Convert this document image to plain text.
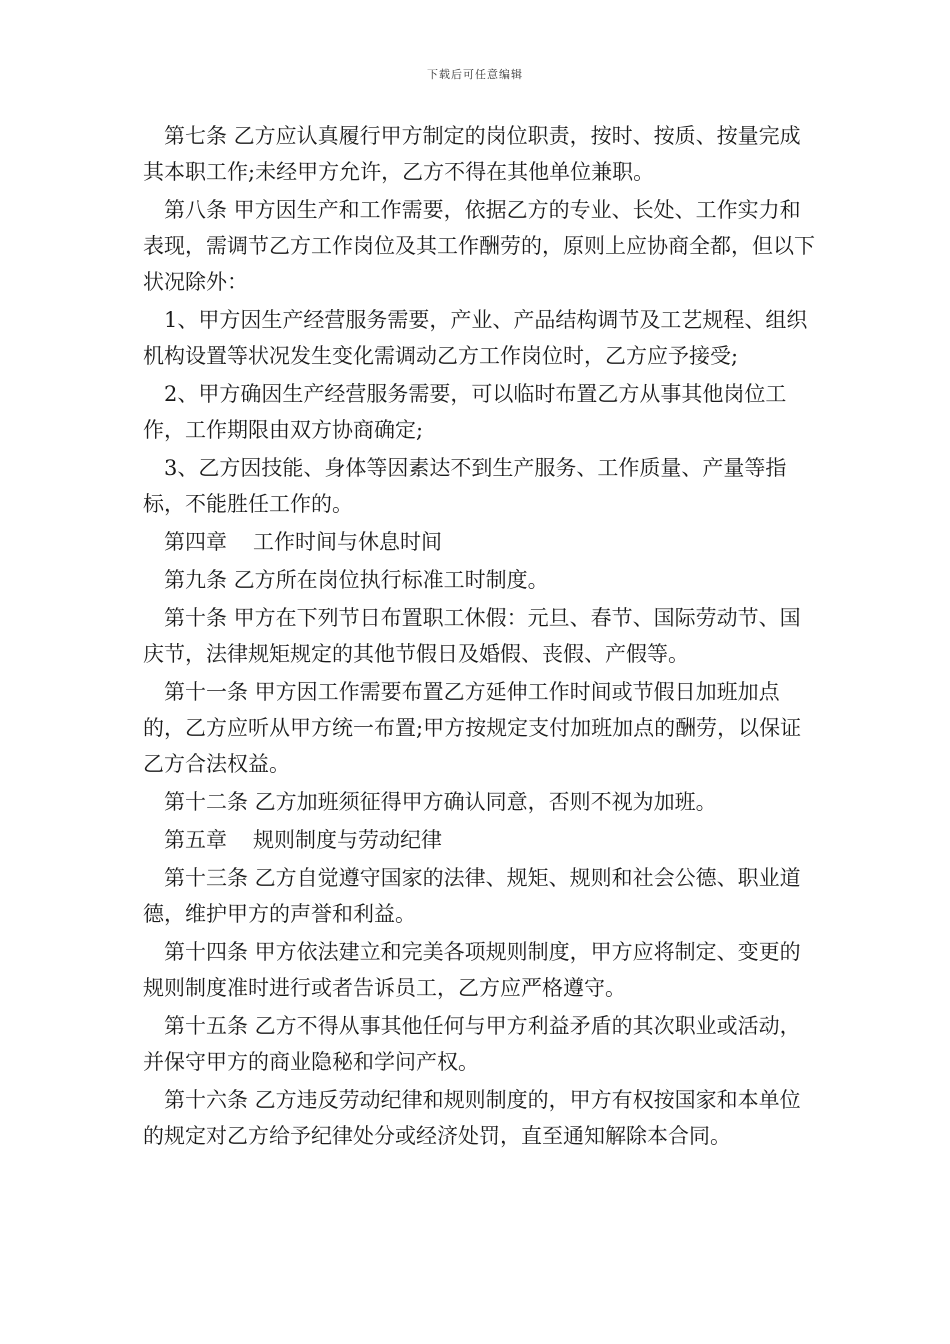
下载后可任意编辑

第七条 乙方应认真履行甲方制定的岗位职责，按时、按质、按量完成其本职工作;未经甲方允许，乙方不得在其他单位兼职。

第八条 甲方因生产和工作需要，依据乙方的专业、长处、工作实力和表现，需调节乙方工作岗位及其工作酬劳的，原则上应协商全都，但以下状况除外：

1、甲方因生产经营服务需要，产业、产品结构调节及工艺规程、组织机构设置等状况发生变化需调动乙方工作岗位时，乙方应予接受;

2、甲方确因生产经营服务需要，可以临时布置乙方从事其他岗位工作，工作期限由双方协商确定;

3、乙方因技能、身体等因素达不到生产服务、工作质量、产量等指标，不能胜任工作的。

第四章 工作时间与休息时间

第九条 乙方所在岗位执行标准工时制度。

第十条 甲方在下列节日布置职工休假：元旦、春节、国际劳动节、国庆节，法律规矩规定的其他节假日及婚假、丧假、产假等。

第十一条 甲方因工作需要布置乙方延伸工作时间或节假日加班加点的，乙方应听从甲方统一布置;甲方按规定支付加班加点的酬劳，以保证乙方合法权益。

第十二条 乙方加班须征得甲方确认同意，否则不视为加班。

第五章 规则制度与劳动纪律

第十三条 乙方自觉遵守国家的法律、规矩、规则和社会公德、职业道德，维护甲方的声誉和利益。

第十四条 甲方依法建立和完美各项规则制度，甲方应将制定、变更的规则制度准时进行或者告诉员工，乙方应严格遵守。

第十五条 乙方不得从事其他任何与甲方利益矛盾的其次职业或活动，并保守甲方的商业隐秘和学问产权。

第十六条 乙方违反劳动纪律和规则制度的，甲方有权按国家和本单位的规定对乙方给予纪律处分或经济处罚，直至通知解除本合同。
